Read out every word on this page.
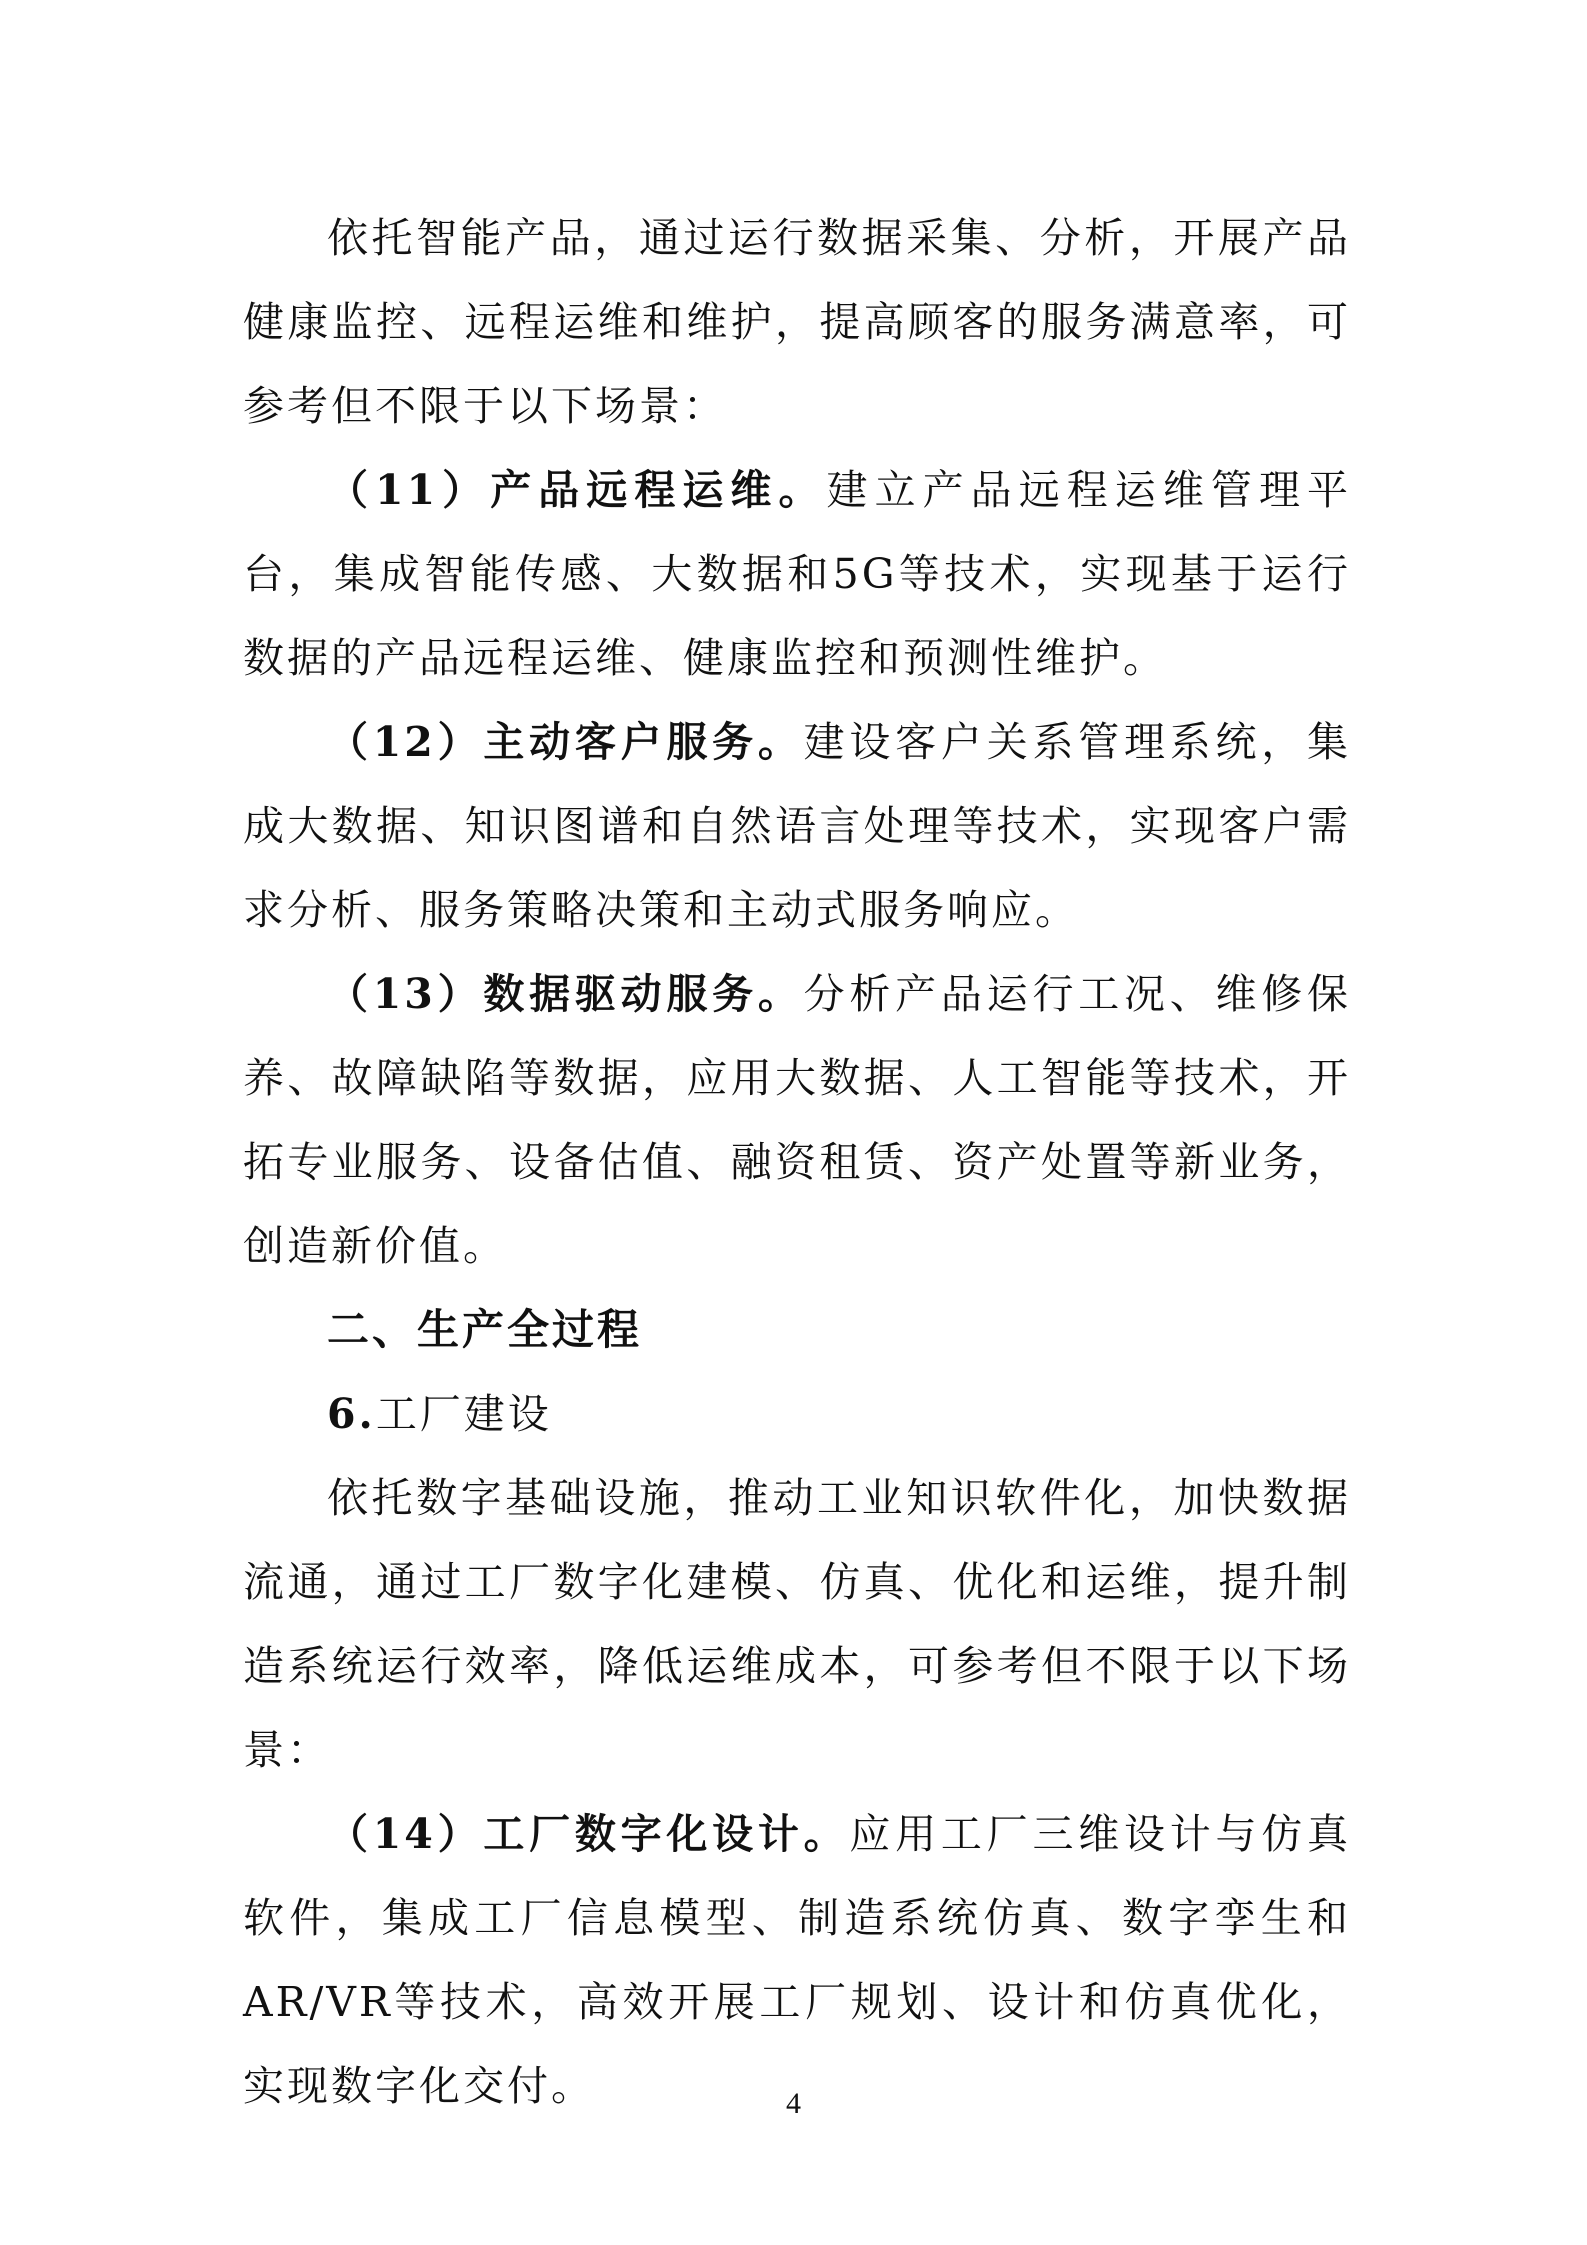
依托智能产品，通过运行数据采集、分析，开展产品健康监控、远程运维和维护，提高顾客的服务满意率，可参考但不限于以下场景：

（11）产品远程运维。建立产品远程运维管理平台，集成智能传感、大数据和5G等技术，实现基于运行数据的产品远程运维、健康监控和预测性维护。

（12）主动客户服务。建设客户关系管理系统，集成大数据、知识图谱和自然语言处理等技术，实现客户需求分析、服务策略决策和主动式服务响应。

（13）数据驱动服务。分析产品运行工况、维修保养、故障缺陷等数据，应用大数据、人工智能等技术，开拓专业服务、设备估值、融资租赁、资产处置等新业务，创造新价值。

二、生产全过程

6.工厂建设

依托数字基础设施，推动工业知识软件化，加快数据流通，通过工厂数字化建模、仿真、优化和运维，提升制造系统运行效率，降低运维成本，可参考但不限于以下场景：

（14）工厂数字化设计。应用工厂三维设计与仿真软件，集成工厂信息模型、制造系统仿真、数字孪生和AR/VR等技术，高效开展工厂规划、设计和仿真优化，实现数字化交付。	4
